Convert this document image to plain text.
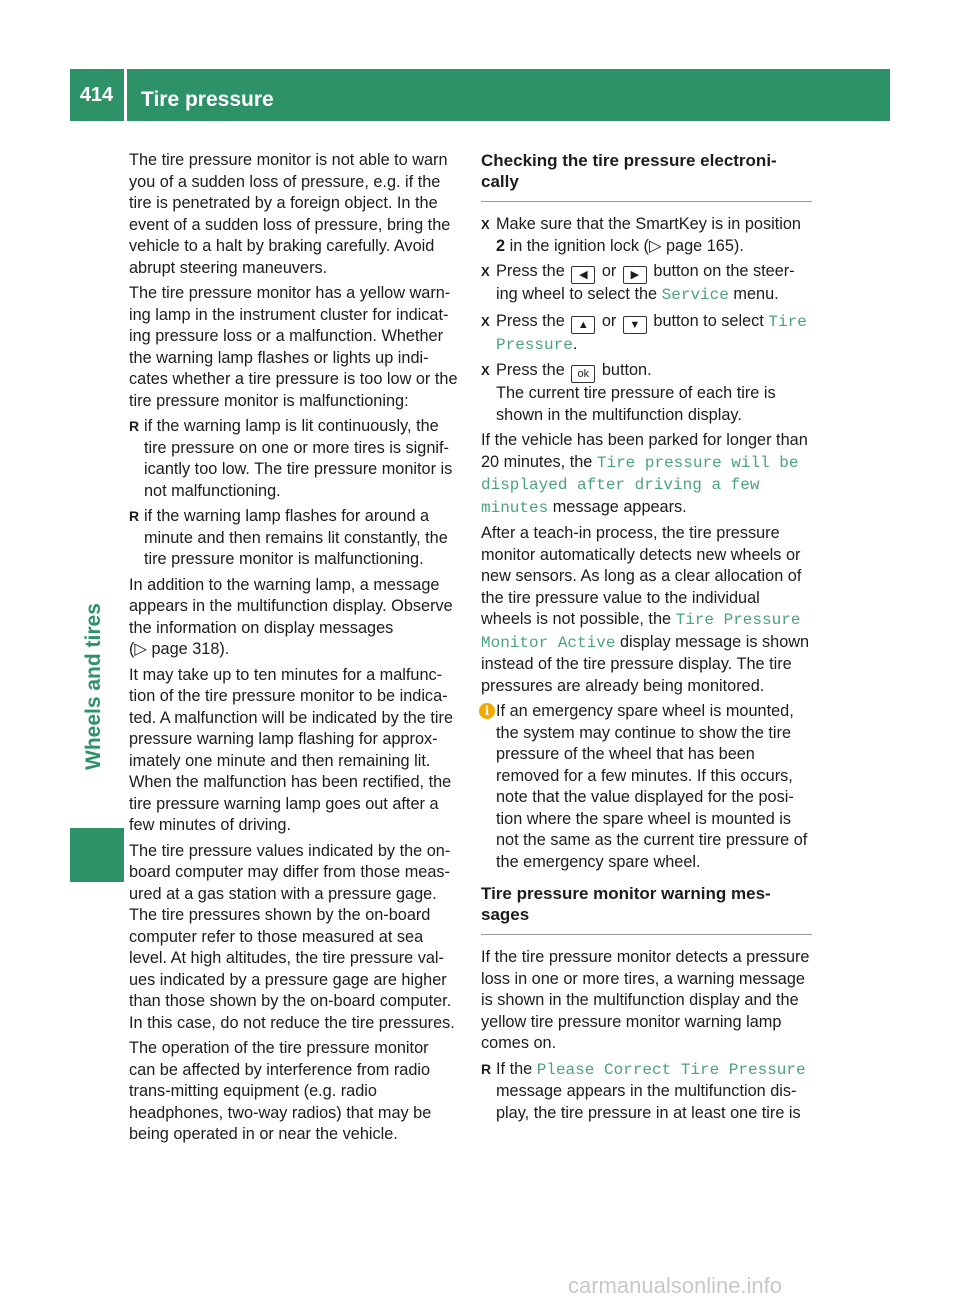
414	Tire pressure
Wheels and tires

The tire pressure monitor is not able to warn you of a sudden loss of pressure, e.g. if the tire is penetrated by a foreign object. In the event of a sudden loss of pressure, bring the vehicle to a halt by braking carefully. Avoid abrupt steering maneuvers.

The tire pressure monitor has a yellow warn-ing lamp in the instrument cluster for indicat-ing pressure loss or a malfunction. Whether the warning lamp flashes or lights up indi-cates whether a tire pressure is too low or the tire pressure monitor is malfunctioning:

R if the warning lamp is lit continuously, the tire pressure on one or more tires is signif-icantly too low. The tire pressure monitor is not malfunctioning.
R if the warning lamp flashes for around a minute and then remains lit constantly, the tire pressure monitor is malfunctioning.

In addition to the warning lamp, a message appears in the multifunction display. Observe the information on display messages
(▷ page 318).

It may take up to ten minutes for a malfunc-tion of the tire pressure monitor to be indica-ted. A malfunction will be indicated by the tire pressure warning lamp flashing for approx-imately one minute and then remaining lit.

When the malfunction has been rectified, the tire pressure warning lamp goes out after a few minutes of driving.

The tire pressure values indicated by the on-board computer may differ from those meas-ured at a gas station with a pressure gage. The tire pressures shown by the on-board computer refer to those measured at sea level. At high altitudes, the tire pressure val-ues indicated by a pressure gage are higher than those shown by the on-board computer. In this case, do not reduce the tire pressures.

The operation of the tire pressure monitor can be affected by interference from radio trans-mitting equipment (e.g. radio headphones, two-way radios) that may be being operated in or near the vehicle.

Checking the tire pressure electroni-cally
X Make sure that the SmartKey is in position 2 in the ignition lock (▷ page 165).
X Press the ◀ or ▶ button on the steer-ing wheel to select the Service menu.
X Press the ▲ or ▼ button to select Tire Pressure.
X Press the ok button.
The current tire pressure of each tire is shown in the multifunction display.

If the vehicle has been parked for longer than 20 minutes, the Tire pressure will be displayed after driving a few minutes message appears.

After a teach-in process, the tire pressure monitor automatically detects new wheels or new sensors. As long as a clear allocation of the tire pressure value to the individual wheels is not possible, the Tire Pressure Monitor Active display message is shown instead of the tire pressure display. The tire pressures are already being monitored.

i If an emergency spare wheel is mounted, the system may continue to show the tire pressure of the wheel that has been removed for a few minutes. If this occurs, note that the value displayed for the posi-tion where the spare wheel is mounted is not the same as the current tire pressure of the emergency spare wheel.
Tire pressure monitor warning mes-sages

If the tire pressure monitor detects a pressure loss in one or more tires, a warning message is shown in the multifunction display and the yellow tire pressure monitor warning lamp comes on.

R If the Please Correct Tire Pressure message appears in the multifunction dis-play, the tire pressure in at least one tire is
carmanualsonline.info
